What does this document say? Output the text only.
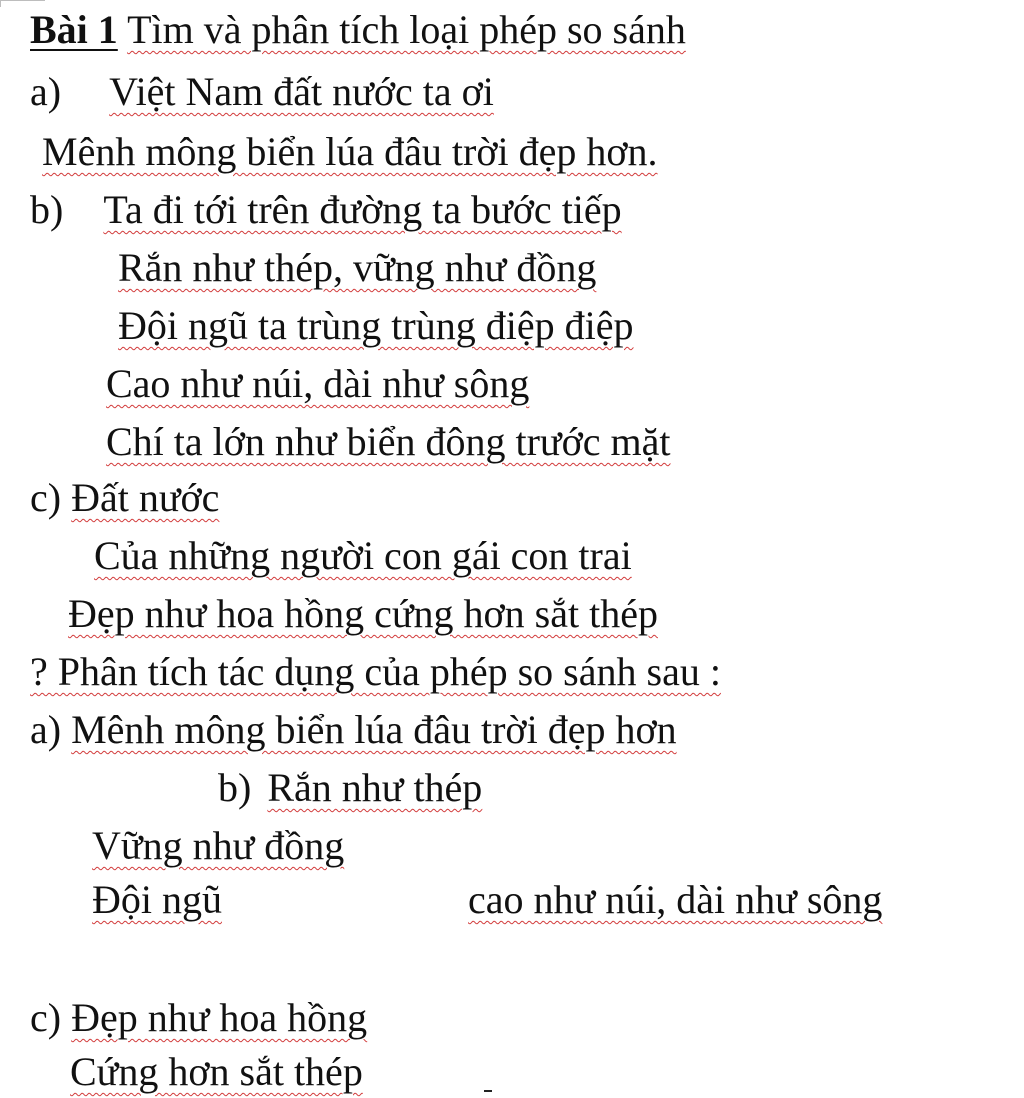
Bài 1 Tìm và phân tích loại phép so sánh
a) Việt Nam đất nước ta ơi
Mênh mông biển lúa đâu trời đẹp hơn.
b) Ta đi tới trên đường ta bước tiếp
Rắn như thép, vững như đồng
Đội ngũ ta trùng trùng điệp điệp
Cao như núi, dài như sông
Chí ta lớn như biển đông trước mặt
c) Đất nước
Của những người con gái con trai
Đẹp như hoa hồng cứng hơn sắt thép
? Phân tích tác dụng của phép so sánh sau :
a) Mênh mông biển lúa đâu trời đẹp hơn
b) Rắn như thép
Vững như đồng
Đội ngũ	cao như núi, dài như sông
c) Đẹp như hoa hồng
Cứng hơn sắt thép
